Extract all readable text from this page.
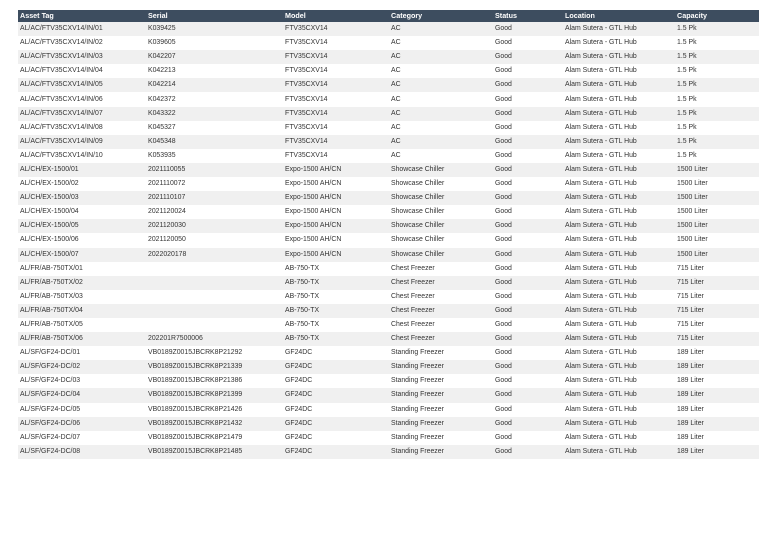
Asset Tag	Serial	Model	Category	Status	Location	Capacity
AL/AC/FTV35CXV14/IN/01	K039425	FTV35CXV14	AC	Good	Alam Sutera - GTL Hub	1.5 Pk
AL/AC/FTV35CXV14/IN/02	K039605	FTV35CXV14	AC	Good	Alam Sutera - GTL Hub	1.5 Pk
AL/AC/FTV35CXV14/IN/03	K042207	FTV35CXV14	AC	Good	Alam Sutera - GTL Hub	1.5 Pk
AL/AC/FTV35CXV14/IN/04	K042213	FTV35CXV14	AC	Good	Alam Sutera - GTL Hub	1.5 Pk
AL/AC/FTV35CXV14/IN/05	K042214	FTV35CXV14	AC	Good	Alam Sutera - GTL Hub	1.5 Pk
AL/AC/FTV35CXV14/IN/06	K042372	FTV35CXV14	AC	Good	Alam Sutera - GTL Hub	1.5 Pk
AL/AC/FTV35CXV14/IN/07	K043322	FTV35CXV14	AC	Good	Alam Sutera - GTL Hub	1.5 Pk
AL/AC/FTV35CXV14/IN/08	K045327	FTV35CXV14	AC	Good	Alam Sutera - GTL Hub	1.5 Pk
AL/AC/FTV35CXV14/IN/09	K045348	FTV35CXV14	AC	Good	Alam Sutera - GTL Hub	1.5 Pk
AL/AC/FTV35CXV14/IN/10	K053935	FTV35CXV14	AC	Good	Alam Sutera - GTL Hub	1.5 Pk
AL/CH/EX-1500/01	2021110055	Expo-1500 AH/CN	Showcase Chiller	Good	Alam Sutera - GTL Hub	1500 Liter
AL/CH/EX-1500/02	2021110072	Expo-1500 AH/CN	Showcase Chiller	Good	Alam Sutera - GTL Hub	1500 Liter
AL/CH/EX-1500/03	2021110107	Expo-1500 AH/CN	Showcase Chiller	Good	Alam Sutera - GTL Hub	1500 Liter
AL/CH/EX-1500/04	2021120024	Expo-1500 AH/CN	Showcase Chiller	Good	Alam Sutera - GTL Hub	1500 Liter
AL/CH/EX-1500/05	2021120030	Expo-1500 AH/CN	Showcase Chiller	Good	Alam Sutera - GTL Hub	1500 Liter
AL/CH/EX-1500/06	2021120050	Expo-1500 AH/CN	Showcase Chiller	Good	Alam Sutera - GTL Hub	1500 Liter
AL/CH/EX-1500/07	2022020178	Expo-1500 AH/CN	Showcase Chiller	Good	Alam Sutera - GTL Hub	1500 Liter
AL/FR/AB-750TX/01		AB-750-TX	Chest Freezer	Good	Alam Sutera - GTL Hub	715 Liter
AL/FR/AB-750TX/02		AB-750-TX	Chest Freezer	Good	Alam Sutera - GTL Hub	715 Liter
AL/FR/AB-750TX/03		AB-750-TX	Chest Freezer	Good	Alam Sutera - GTL Hub	715 Liter
AL/FR/AB-750TX/04		AB-750-TX	Chest Freezer	Good	Alam Sutera - GTL Hub	715 Liter
AL/FR/AB-750TX/05		AB-750-TX	Chest Freezer	Good	Alam Sutera - GTL Hub	715 Liter
AL/FR/AB-750TX/06	202201R7500006	AB-750-TX	Chest Freezer	Good	Alam Sutera - GTL Hub	715 Liter
AL/SF/GF24-DC/01	VB0189Z0015JBCRK8P21292	GF24DC	Standing Freezer	Good	Alam Sutera - GTL Hub	189 Liter
AL/SF/GF24-DC/02	VB0189Z0015JBCRK8P21339	GF24DC	Standing Freezer	Good	Alam Sutera - GTL Hub	189 Liter
AL/SF/GF24-DC/03	VB0189Z0015JBCRK8P21386	GF24DC	Standing Freezer	Good	Alam Sutera - GTL Hub	189 Liter
AL/SF/GF24-DC/04	VB0189Z0015JBCRK8P21399	GF24DC	Standing Freezer	Good	Alam Sutera - GTL Hub	189 Liter
AL/SF/GF24-DC/05	VB0189Z0015JBCRK8P21426	GF24DC	Standing Freezer	Good	Alam Sutera - GTL Hub	189 Liter
AL/SF/GF24-DC/06	VB0189Z0015JBCRK8P21432	GF24DC	Standing Freezer	Good	Alam Sutera - GTL Hub	189 Liter
AL/SF/GF24-DC/07	VB0189Z0015JBCRK8P21479	GF24DC	Standing Freezer	Good	Alam Sutera - GTL Hub	189 Liter
AL/SF/GF24-DC/08	VB0189Z0015JBCRK8P21485	GF24DC	Standing Freezer	Good	Alam Sutera - GTL Hub	189 Liter
